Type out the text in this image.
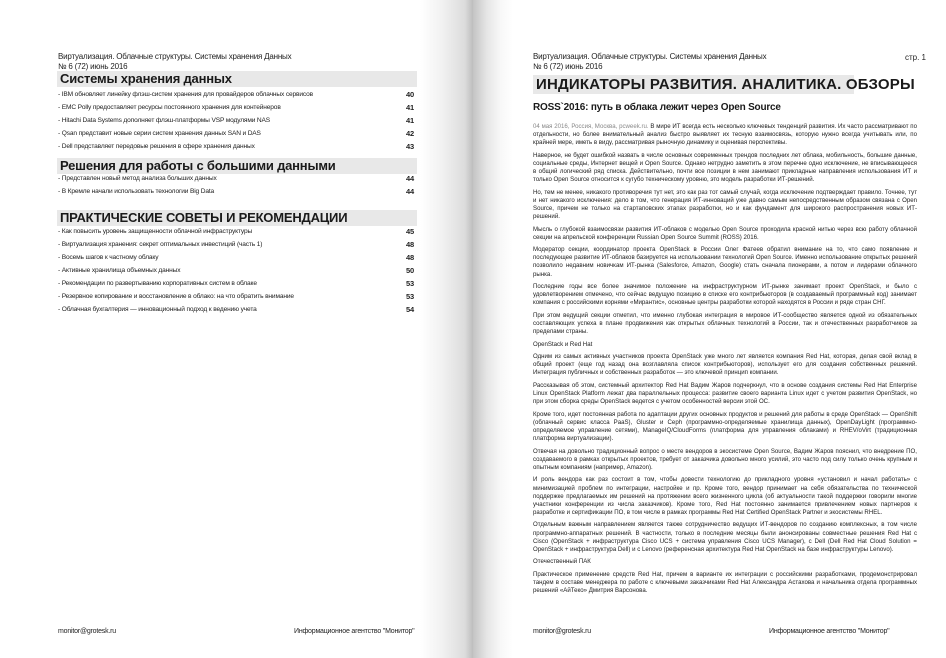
Виртуализация. Облачные структуры. Системы хранения Данных
№ 6 (72) июнь 2016
Системы хранения данных
- IBM обновляет линейку флэш-систем хранения для провайдеров облачных сервисов	40
- EMC Polly предоставляет ресурсы постоянного хранения для контейнеров	41
- Hitachi Data Systems дополняет флэш-платформы VSP модулями NAS	41
- Qsan представит новые серии систем хранения данных SAN и DAS	42
- Dell представляет передовые решения в сфере хранения данных	43
Решения для работы с большими данными
- Представлен новый метод анализа больших данных	44
- В Кремле начали использовать технологии Big Data	44
ПРАКТИЧЕСКИЕ СОВЕТЫ И РЕКОМЕНДАЦИИ
- Как повысить уровень защищенности облачной инфраструктуры	45
- Виртуализация хранения: секрет оптимальных инвестиций (часть 1)	48
- Восемь шагов к частному облаку	48
- Активные хранилища объемных данных	50
- Рекомендации по развертыванию корпоративных систем в облаке	53
- Резервное копирование и восстановление в облако: на что обратить внимание	53
- Облачная бухгалтерия — инновационный подход к ведению учета	54
monitor@grotesk.ru	Информационное агентство "Монитор"
Виртуализация. Облачные структуры. Системы хранения Данных
№ 6 (72) июнь 2016
стр. 1
ИНДИКАТОРЫ РАЗВИТИЯ. АНАЛИТИКА. ОБЗОРЫ
ROSS`2016: путь в облака лежит через Open Source

04 мая 2016, Россия, Москва, pcweek.ru. В мире ИТ всегда есть несколько ключевых тенденций развития. Их часто рассматривают по отдельности, но более внимательный анализ быстро выявляет их тесную взаимосвязь, которую нужно всегда учитывать или, по крайней мере, иметь в виду, рассматривая рыночную динамику и оценивая перспективы.

Наверное, не будет ошибкой назвать в числе основных современных трендов последних лет облака, мобильность, большие данные, социальные среды, Интернет вещей и Open Source. Однако нетрудно заметить в этом перечне одно исключение, не вписывающееся в общий логический ряд списка. Действительно, почти все позиции в нем занимают прикладные направления использования ИТ и только Open Source относится к сугубо техническому уровню, это модель разработки ИТ-решений.

Но, тем не менее, никакого противоречия тут нет, это как раз тот самый случай, когда исключение подтверждает правило. Точнее, тут и нет никакого исключения: дело в том, что генерация ИТ-инноваций уже давно самым непосредственным образом связана с Open Source, причем не только на стартаповских этапах разработки, но и как фундамент для широкого распространения новых ИТ-решений.

Мысль о глубокой взаимосвязи развития ИТ-облаков с моделью Open Source проходила красной нитью через всю работу облачной секции на апрельской конференции Russian Open Source Summit (ROSS) 2016.

Модератор секции, координатор проекта OpenStack в России Олег Фатеев обратил внимание на то, что само появление и последующее развитие ИТ-облаков базируется на использовании технологий Open Source. Именно использование открытых решений позволило недавним новичкам ИТ-рынка (Salesforce, Amazon, Google) стать сначала пионерами, а потом и лидерами облачного рынка.

Последние годы все более значимое положение на инфраструктурном ИТ-рынке занимает проект OpenStack, и было с удовлетворением отмечено, что сейчас ведущую позицию в списке его контрибьюторов (в создаваемый программный код) занимает компания с российскими корнями «Мирантис», основные центры разработки которой находятся в России и ряде стран СНГ.

При этом ведущий секции отметил, что именно глубокая интеграция в мировое ИТ-сообщество является одной из обязательных составляющих успеха в плане продвижения как открытых облачных технологий в России, так и отечественных разработчиков за пределами страны.

OpenStack и Red Hat

Одним из самых активных участников проекта OpenStack уже много лет является компания Red Hat, которая, делая свой вклад в общий проект (еще год назад она возглавляла список контрибьюторов), использует его для создания собственных решений. Интеграция публичных и собственных разработок — это ключевой принцип компании.

Рассказывая об этом, системный архитектор Red Hat Вадим Жаров подчеркнул, что в основе создания системы Red Hat Enterprise Linux OpenStack Platform лежат два параллельных процесса: развитие своего варианта Linux идет с учетом развития OpenStack, но при этом сборка среды OpenStack ведется с учетом особенностей версии этой ОС.

Кроме того, идет постоянная работа по адаптации других основных продуктов и решений для работы в среде OpenStack — OpenShift (облачный сервис класса PaaS), Gluster и Ceph (программно-определяемые хранилища данных), OpenDayLight (программно-определяемое управление сетями), ManageIQ/CloudForms (платформа для управления облаками) и RHEV/oVirt (традиционная платформа виртуализации).

Отвечая на довольно традиционный вопрос о месте вендоров в экосистеме Open Source, Вадим Жаров пояснил, что внедрение ПО, создаваемого в рамках открытых проектов, требует от заказчика довольно много усилий, это часто под силу только очень крупным и опытным компаниям (например, Amazon).

И роль вендора как раз состоит в том, чтобы довести технологию до прикладного уровня «установил и начал работать» с минимизацией проблем по интеграции, настройке и пр. Кроме того, вендор принимает на себя обязательства по технической поддержке предлагаемых им решений на протяжении всего жизненного цикла (об актуальности такой поддержки говорили многие участники конференции из числа заказчиков). Кроме того, Red Hat постоянно занимается привлечением новых партнеров к разработке и сертификации ПО, в том числе в рамках программы Red Hat Certified OpenStack Partner и экосистемы RHEL.

Отдельным важным направлением является также сотрудничество ведущих ИТ-вендоров по созданию комплексных, в том числе программно-аппаратных решений. В частности, только в последние месяцы были анонсированы совместные решения Red Hat с Cisco (OpenStack + инфраструктура Cisco UCS + система управления Cisco UCS Manager), с Dell (Dell Red Hat Cloud Solution = OpenStack + инфраструктура Dell) и с Lenovo (референсная архитектура Red Hat OpenStack на базе инфраструктуры Lenovo).

Отечественный ПАК

Практическое применение средств Red Hat, причем в варианте их интеграции с российскими разработками, продемонстрировал тандем в составе менеджера по работе с ключевыми заказчиками Red Hat Александра Астахова и начальника отдела программных решений «АйТеко» Дмитрия Варсонова.

monitor@grotesk.ru	Информационное агентство "Монитор"
